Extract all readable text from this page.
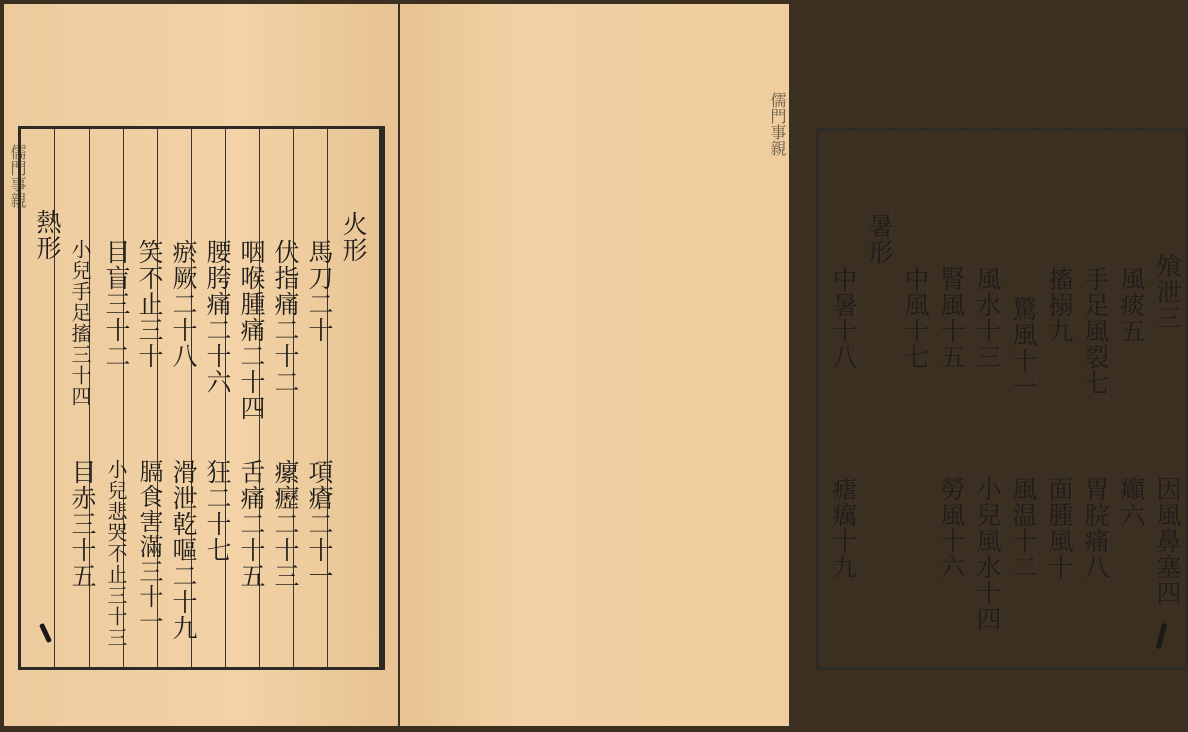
儒門事親
火形
馬刀二十
項瘡二十一
伏指痛二十二
瘰癧二十三
咽喉腫痛二十四
舌痛二十五
腰胯痛二十六
狂二十七
瘀厥二十八
滑泄乾嘔二十九
笑不止三十
膈食害滿三十一
目盲三十二
小兒悲哭不止三十三
小兒手足搐三十四
目赤三十五
熱形
儒門事親
飧泄三
因風鼻塞四
風痰五
癲六
手足風裂七
胃脘痛八
搐搦九
面腫風十
驚風十一
風温十二
風水十三
小兒風水十四
腎風十五
勞風十六
中風十七
暑形
中暑十八
瘧癘十九
